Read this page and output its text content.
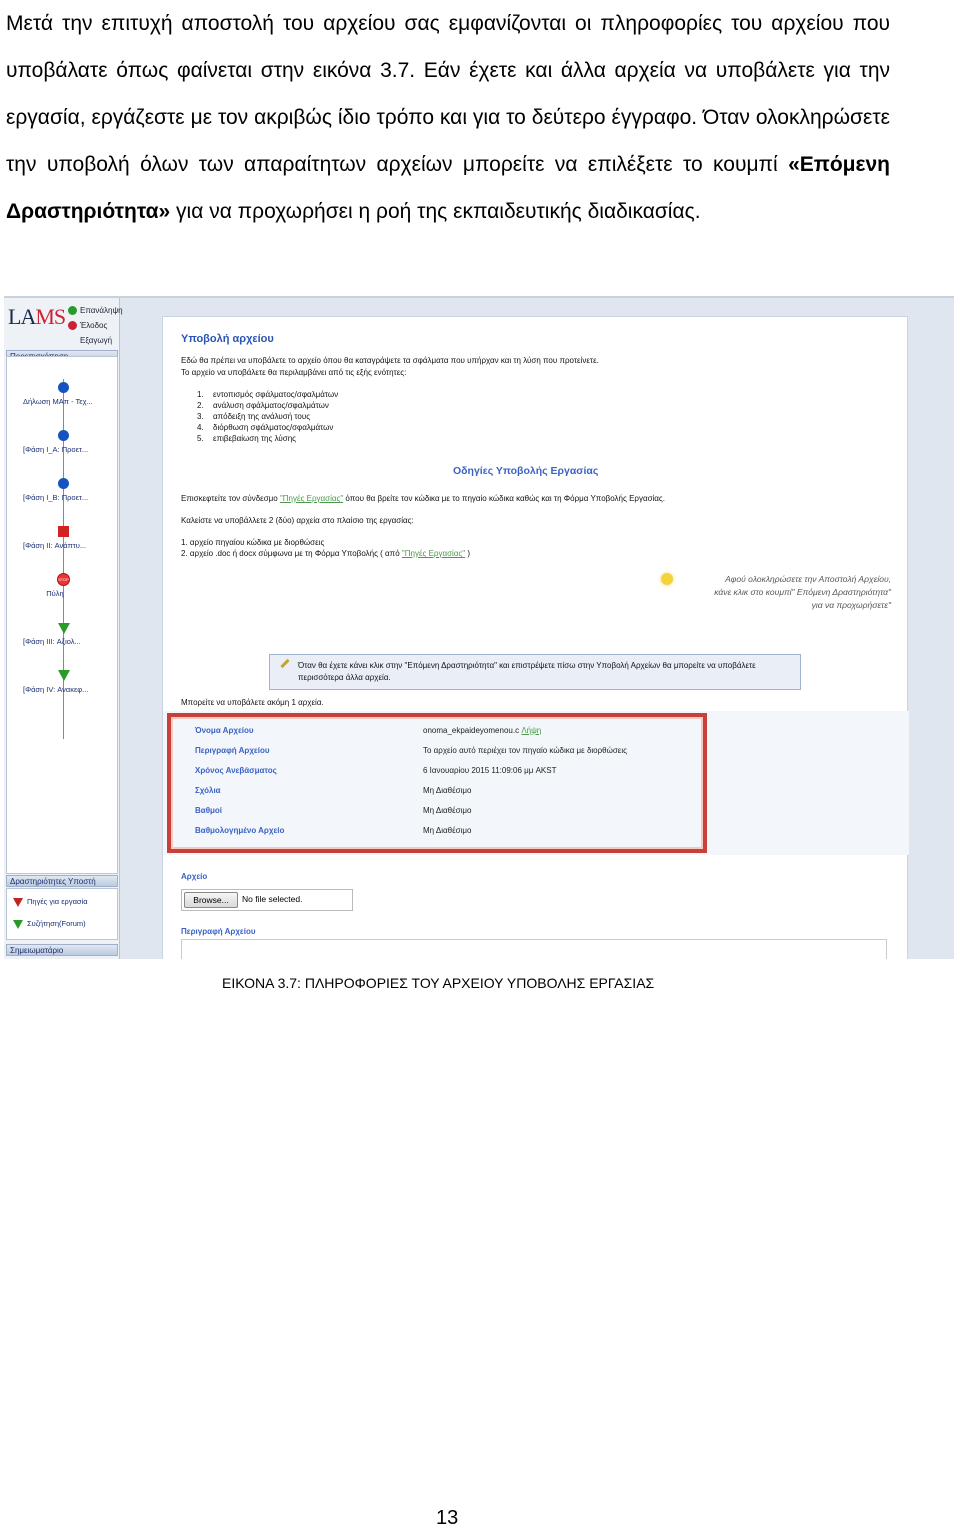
Μετά την επιτυχή αποστολή του αρχείου σας εμφανίζονται οι πληροφορίες του αρχείου που υποβάλατε όπως φαίνεται στην εικόνα 3.7. Εάν έχετε και άλλα αρχεία να υποβάλετε για την εργασία, εργάζεστε με τον ακριβώς ίδιο τρόπο και για το δεύτερο έγγραφο. Όταν ολοκληρώσετε την υποβολή όλων των απαραίτητων αρχείων μπορείτε να επιλέξετε το κουμπί «Επόμενη Δραστηριότητα» για να προχωρήσει η ροή της εκπαιδευτικής διαδικασίας.

LAMS	Επανάληψη
Έλοδος
Εξαγωγή
Δήλωση ΜΑπ - Τεχ...
[Φάση I_A: Προετ...
[Φάση I_B: Προετ...
[Φάση II: Ανάπτυ...
STOP
Πύλη
[Φάση III: Αξιολ...
[Φάση IV: Ανακεφ...
Δραστηριότητες Υποστή
Πηγές για εργασία
Συζήτηση(Forum)
Σημειωματάριο
Υποβολή αρχείου
Εδώ θα πρέπει να υποβάλετε το αρχείο όπου θα καταγράψετε τα σφάλματα που υπήρχαν και τη λύση που προτείνετε.
Το αρχείο να υποβάλετε θα περιλαμβάνει από τις εξής ενότητες:
1. εντοπισμός σφάλματος/σφαλμάτων
2. ανάλυση σφάλματος/σφαλμάτων
3. απόδειξη της ανάλυσή τους
4. διόρθωση σφάλματος/σφαλμάτων
5. επιβεβαίωση της λύσης
Οδηγίες Υποβολής Εργασίας
Επισκεφτείτε τον σύνδεσμο "Πηγές Εργασίας" όπου θα βρείτε τον κώδικα με το πηγαίο κώδικα καθώς και τη Φόρμα Υποβολής Εργασίας.
Καλείστε να υποβάλλετε 2 (δύο) αρχεία στο πλαίσιο της εργασίας:
1. αρχείο πηγαίου κώδικα με διορθώσεις
2. αρχείο .doc ή docx σύμφωνα με τη Φόρμα Υποβολής ( από "Πηγές Εργασίας" )
Αφού ολοκληρώσετε την Αποστολή Αρχείου,
κάνε κλικ στο κουμπί" Επόμενη Δραστηριότητα"
για να προχωρήσετε"
Όταν θα έχετε κάνει κλικ στην "Επόμενη Δραστηριότητα" και επιστρέψετε πίσω στην Υποβολή Αρχείων θα μπορείτε να υποβάλετε
περισσότερα άλλα αρχεία.
Μπορείτε να υποβάλετε ακόμη 1 αρχεία.
Όνομα Αρχείου	onoma_ekpaideyomenou.c Λήψη
Περιγραφή Αρχείου	Το αρχείο αυτό περιέχει τον πηγαίο κώδικα με διορθώσεις
Χρόνος Ανεβάσματος	6 Ιανουαρίου 2015 11:09:06 μμ AKST
Σχόλια	Μη Διαθέσιμο
Βαθμοί	Μη Διαθέσιμο
Βαθμολογημένο Αρχείο	Μη Διαθέσιμο
Αρχείο
Browse...	No file selected.
Περιγραφή Αρχείου
ΕΙΚΟΝΑ 3.7: ΠΛΗΡΟΦΟΡΙΕΣ ΤΟΥ ΑΡΧΕΙΟΥ ΥΠΟΒΟΛΗΣ ΕΡΓΑΣΙΑΣ
13
